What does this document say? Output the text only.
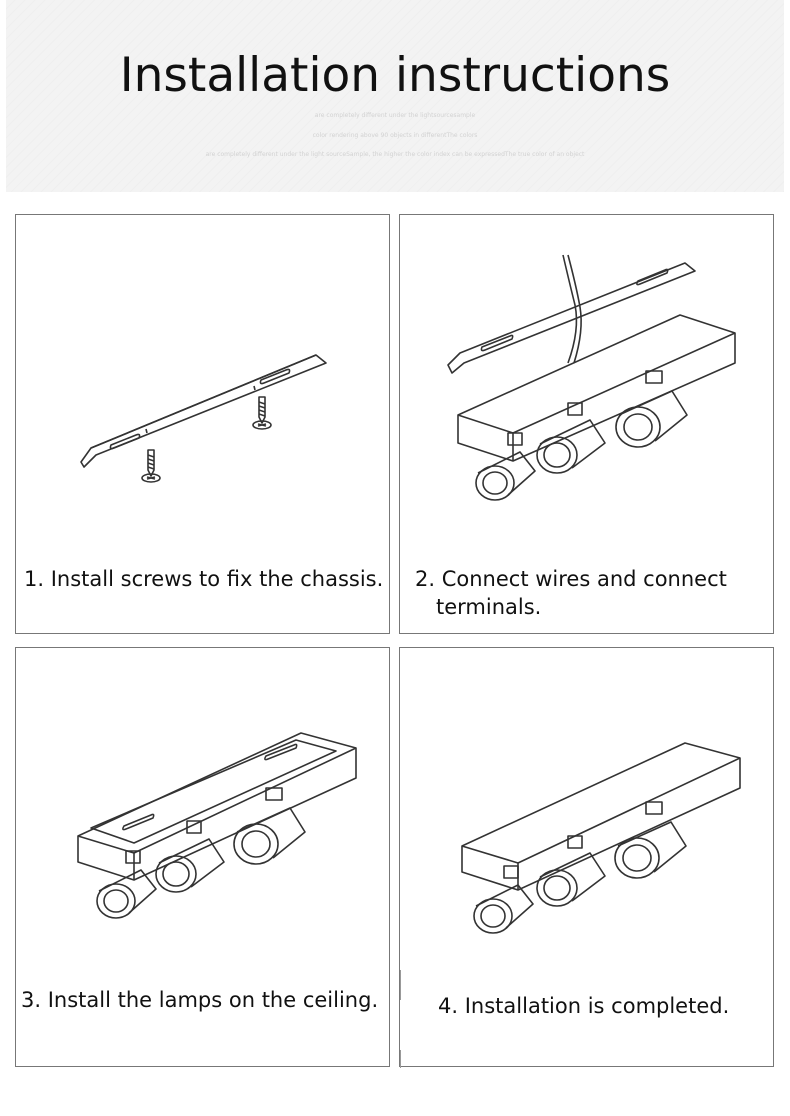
Installation instructions
are completely different under the lightsourcesample
color rendering above 90 objects in differentThe colors
are completely different under the light sourceSample, the higher the color index can be expressedThe true color of an object
1. Install screws to fix the chassis. 2. Connect wires and connect
terminals.
3. Install the lamps on the ceiling.	4. Installation is completed.
